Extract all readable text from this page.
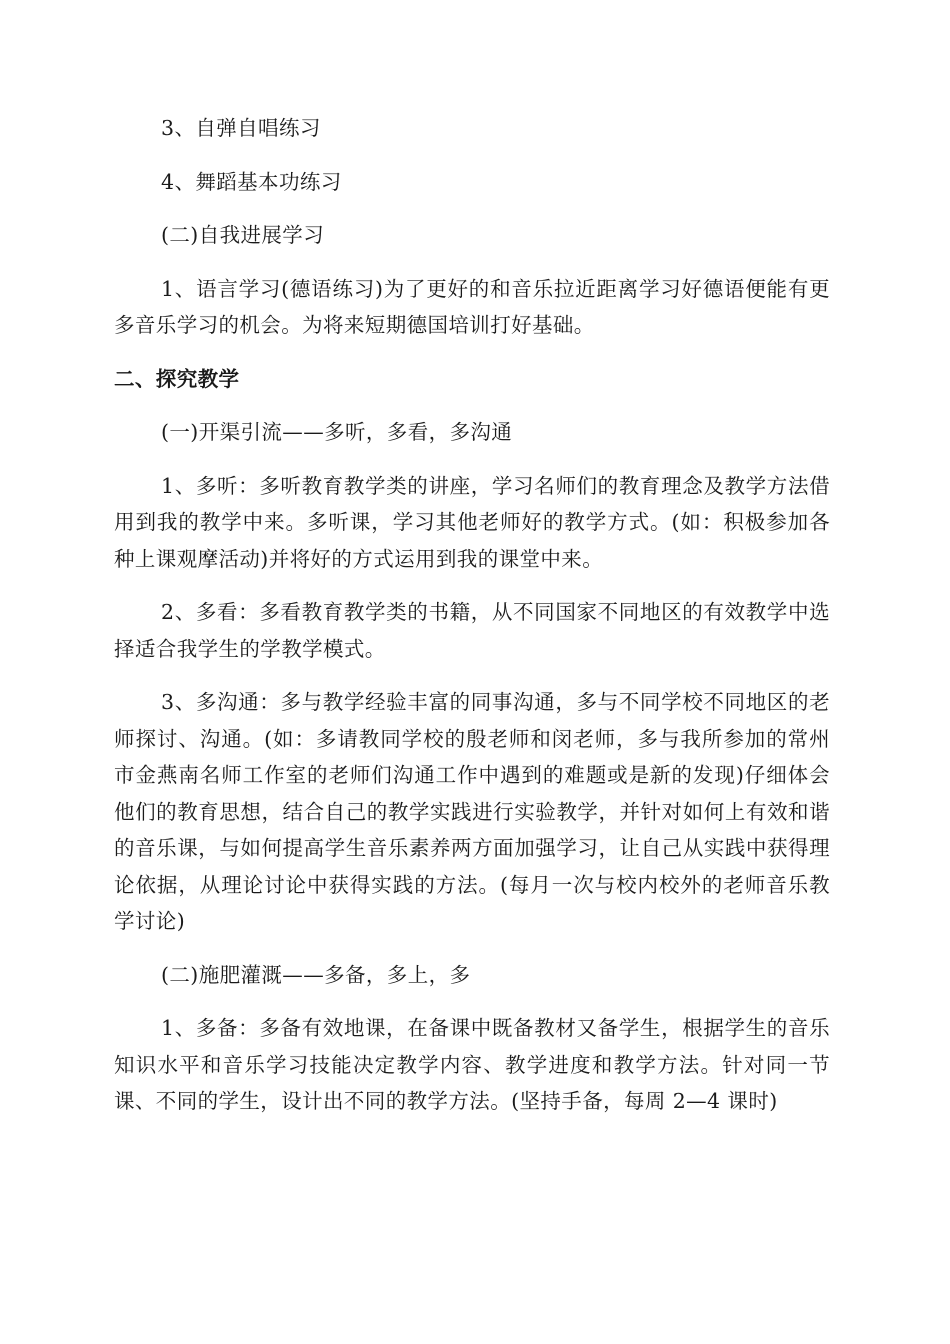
3、自弹自唱练习

4、舞蹈基本功练习

(二)自我进展学习

1、语言学习(德语练习)为了更好的和音乐拉近距离学习好德语便能有更多音乐学习的机会。为将来短期德国培训打好基础。

二、探究教学

(一)开渠引流——多听，多看，多沟通

1、多听：多听教育教学类的讲座，学习名师们的教育理念及教学方法借用到我的教学中来。多听课，学习其他老师好的教学方式。(如：积极参加各种上课观摩活动)并将好的方式运用到我的课堂中来。

2、多看：多看教育教学类的书籍，从不同国家不同地区的有效教学中选择适合我学生的学教学模式。

3、多沟通：多与教学经验丰富的同事沟通，多与不同学校不同地区的老师探讨、沟通。(如：多请教同学校的殷老师和闵老师，多与我所参加的常州市金燕南名师工作室的老师们沟通工作中遇到的难题或是新的发现)仔细体会他们的教育思想，结合自己的教学实践进行实验教学，并针对如何上有效和谐的音乐课，与如何提高学生音乐素养两方面加强学习，让自己从实践中获得理论依据，从理论讨论中获得实践的方法。(每月一次与校内校外的老师音乐教学讨论)

(二)施肥灌溉——多备，多上，多

1、多备：多备有效地课，在备课中既备教材又备学生，根据学生的音乐知识水平和音乐学习技能决定教学内容、教学进度和教学方法。针对同一节课、不同的学生，设计出不同的教学方法。(坚持手备，每周 2—4 课时)
